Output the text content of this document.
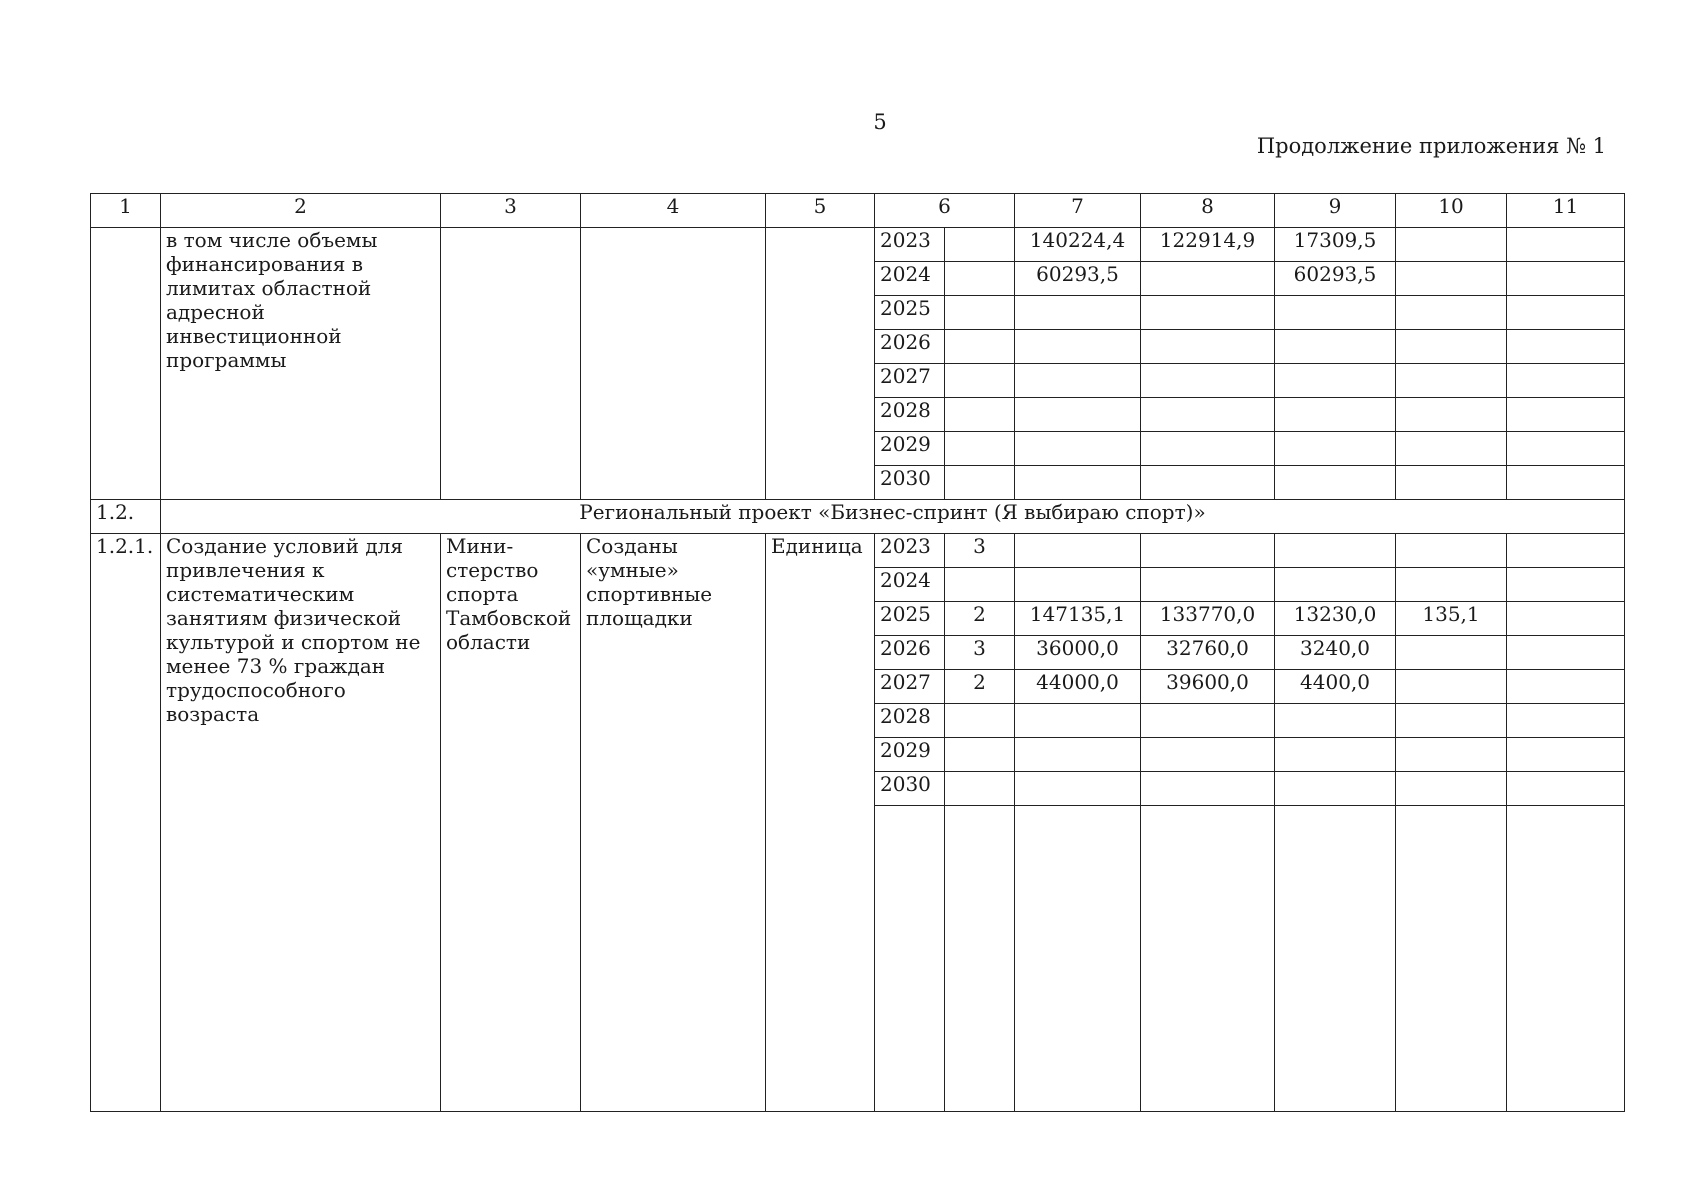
5
Продолжение приложения № 1
1	2	3	4	5	6		7	8	9	10	11
	в том числе объемы финансирования в лимитах областной адресной инвестиционной программы				2023		140224,4	122914,9	17309,5		
					2024		60293,5		60293,5		
					2025						
					2026						
					2027						
					2028						
					2029						
					2030						
1.2.	Региональный проект «Бизнес-спринт (Я выбираю спорт)»										
1.2.1.	Создание условий для привлечения к систематическим занятиям физической культурой и спортом не менее 73 % граждан трудоспособного возраста	Мини-стерство спорта Тамбовской области	Созданы «умные» спортивные площадки	Единица	2023	3					
					2024						
					2025	2	147135,1	133770,0	13230,0	135,1	
					2026	3	36000,0	32760,0	3240,0		
					2027	2	44000,0	39600,0	4400,0		
					2028						
					2029						
					2030						
